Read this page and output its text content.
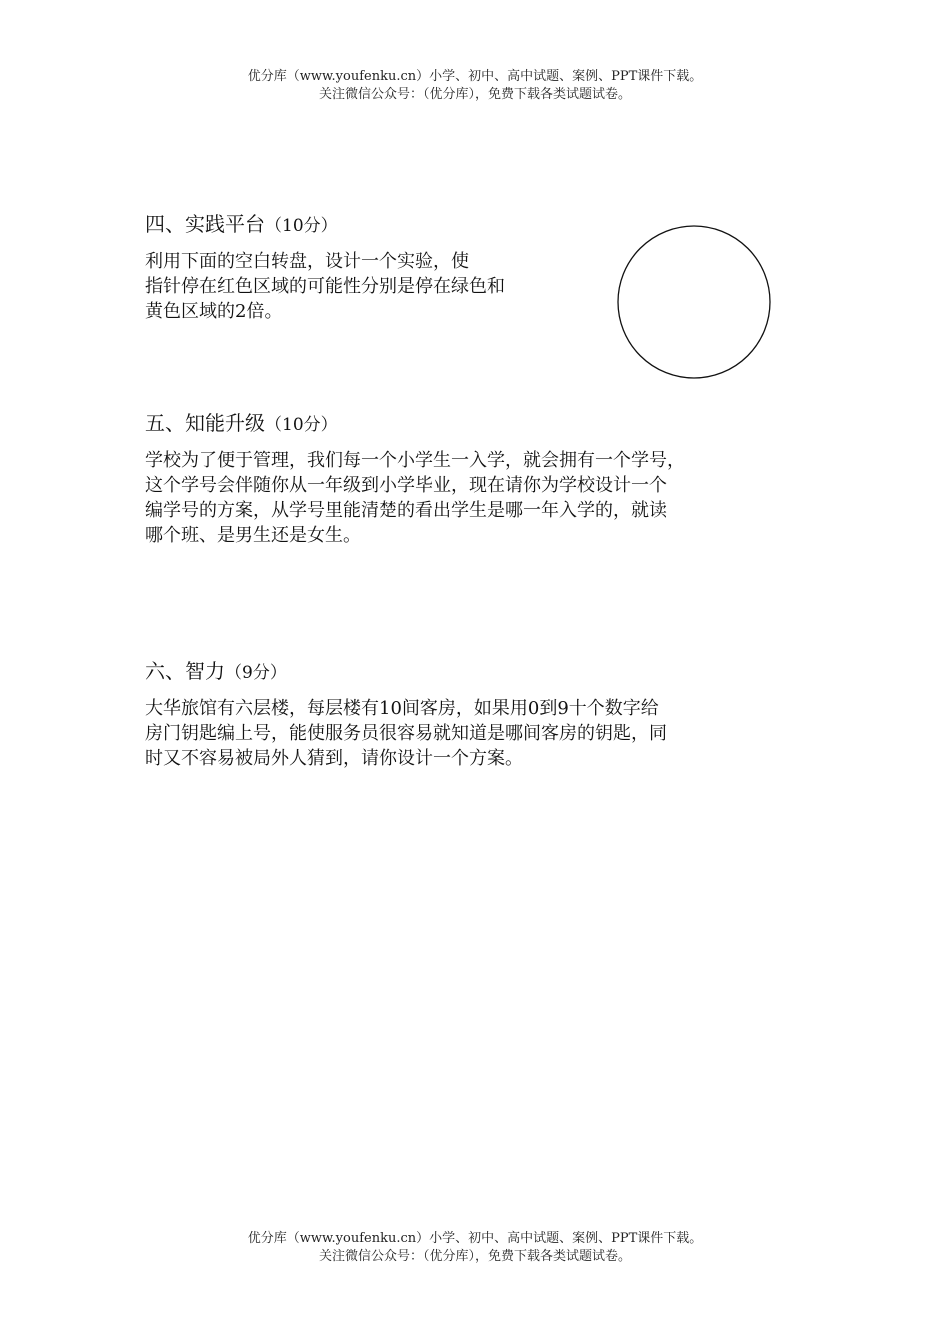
优分库（www.youfenku.cn）小学、初中、高中试题、案例、PPT课件下载。
关注微信公众号：（优分库），免费下载各类试题试卷。
四、实践平台（10分）

利用下面的空白转盘，设计一个实验，使
指针停在红色区域的可能性分别是停在绿色和
黄色区域的2倍。

五、知能升级（10分）

学校为了便于管理，我们每一个小学生一入学，就会拥有一个学号，
这个学号会伴随你从一年级到小学毕业，现在请你为学校设计一个
编学号的方案，从学号里能清楚的看出学生是哪一年入学的，就读
哪个班、是男生还是女生。

六、智力（9分）

大华旅馆有六层楼，每层楼有10间客房，如果用0到9十个数字给
房门钥匙编上号，能使服务员很容易就知道是哪间客房的钥匙，同
时又不容易被局外人猜到，请你设计一个方案。

优分库（www.youfenku.cn）小学、初中、高中试题、案例、PPT课件下载。
关注微信公众号：（优分库），免费下载各类试题试卷。
